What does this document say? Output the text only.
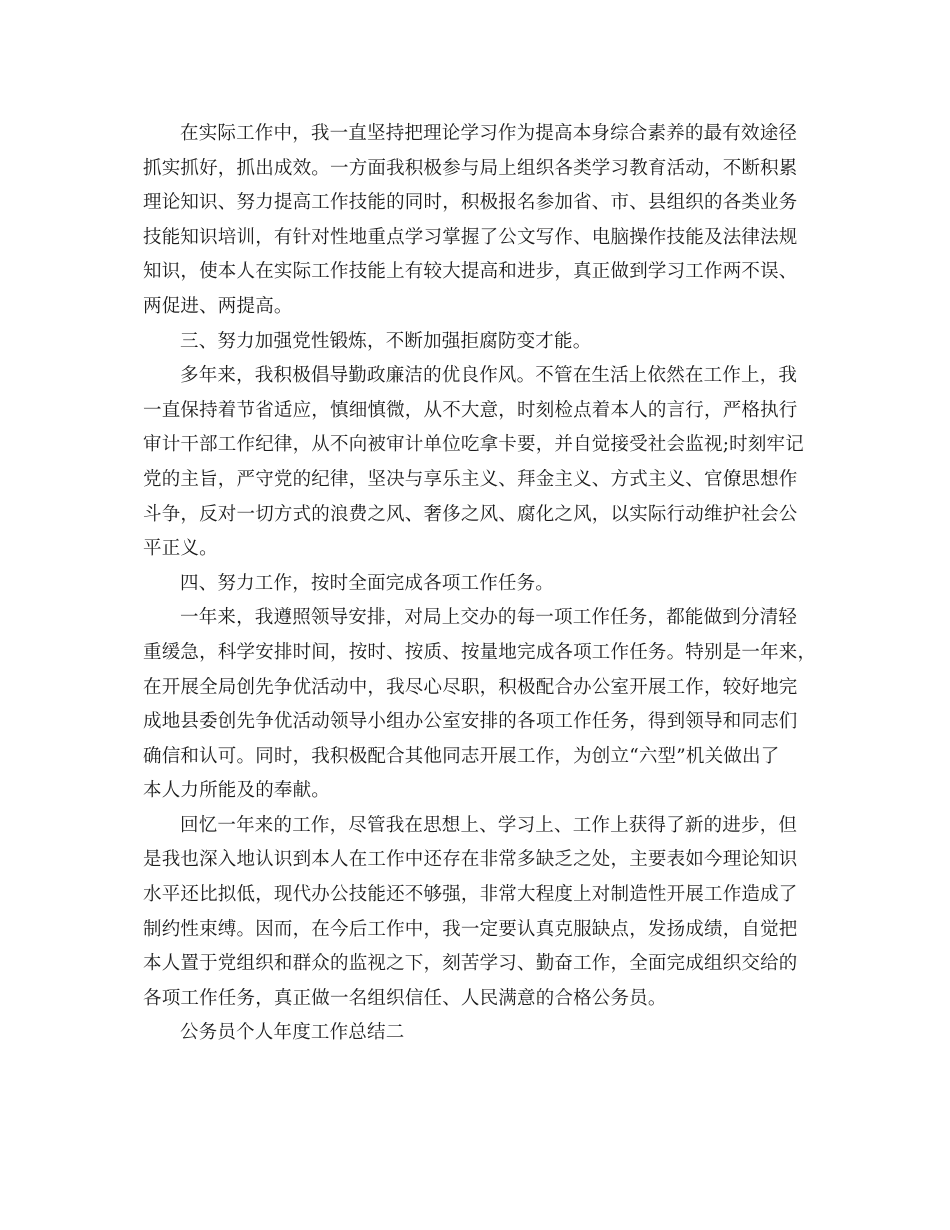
在实际工作中，我一直坚持把理论学习作为提高本身综合素养的最有效途径
抓实抓好，抓出成效。一方面我积极参与局上组织各类学习教育活动，不断积累
理论知识、努力提高工作技能的同时，积极报名参加省、市、县组织的各类业务
技能知识培训，有针对性地重点学习掌握了公文写作、电脑操作技能及法律法规
知识，使本人在实际工作技能上有较大提高和进步，真正做到学习工作两不误、
两促进、两提高。

三、努力加强党性锻炼，不断加强拒腐防变才能。

多年来，我积极倡导勤政廉洁的优良作风。不管在生活上依然在工作上，我
一直保持着节省适应，慎细慎微，从不大意，时刻检点着本人的言行，严格执行
审计干部工作纪律，从不向被审计单位吃拿卡要，并自觉接受社会监视;时刻牢记
党的主旨，严守党的纪律，坚决与享乐主义、拜金主义、方式主义、官僚思想作
斗争，反对一切方式的浪费之风、奢侈之风、腐化之风，以实际行动维护社会公
平正义。

四、努力工作，按时全面完成各项工作任务。

一年来，我遵照领导安排，对局上交办的每一项工作任务，都能做到分清轻
重缓急，科学安排时间，按时、按质、按量地完成各项工作任务。特别是一年来，
在开展全局创先争优活动中，我尽心尽职，积极配合办公室开展工作，较好地完
成地县委创先争优活动领导小组办公室安排的各项工作任务，得到领导和同志们
确信和认可。同时，我积极配合其他同志开展工作，为创立“六型”机关做出了
本人力所能及的奉献。

回忆一年来的工作，尽管我在思想上、学习上、工作上获得了新的进步，但
是我也深入地认识到本人在工作中还存在非常多缺乏之处，主要表如今理论知识
水平还比拟低，现代办公技能还不够强，非常大程度上对制造性开展工作造成了
制约性束缚。因而，在今后工作中，我一定要认真克服缺点，发扬成绩，自觉把
本人置于党组织和群众的监视之下，刻苦学习、勤奋工作，全面完成组织交给的
各项工作任务，真正做一名组织信任、人民满意的合格公务员。

公务员个人年度工作总结二
